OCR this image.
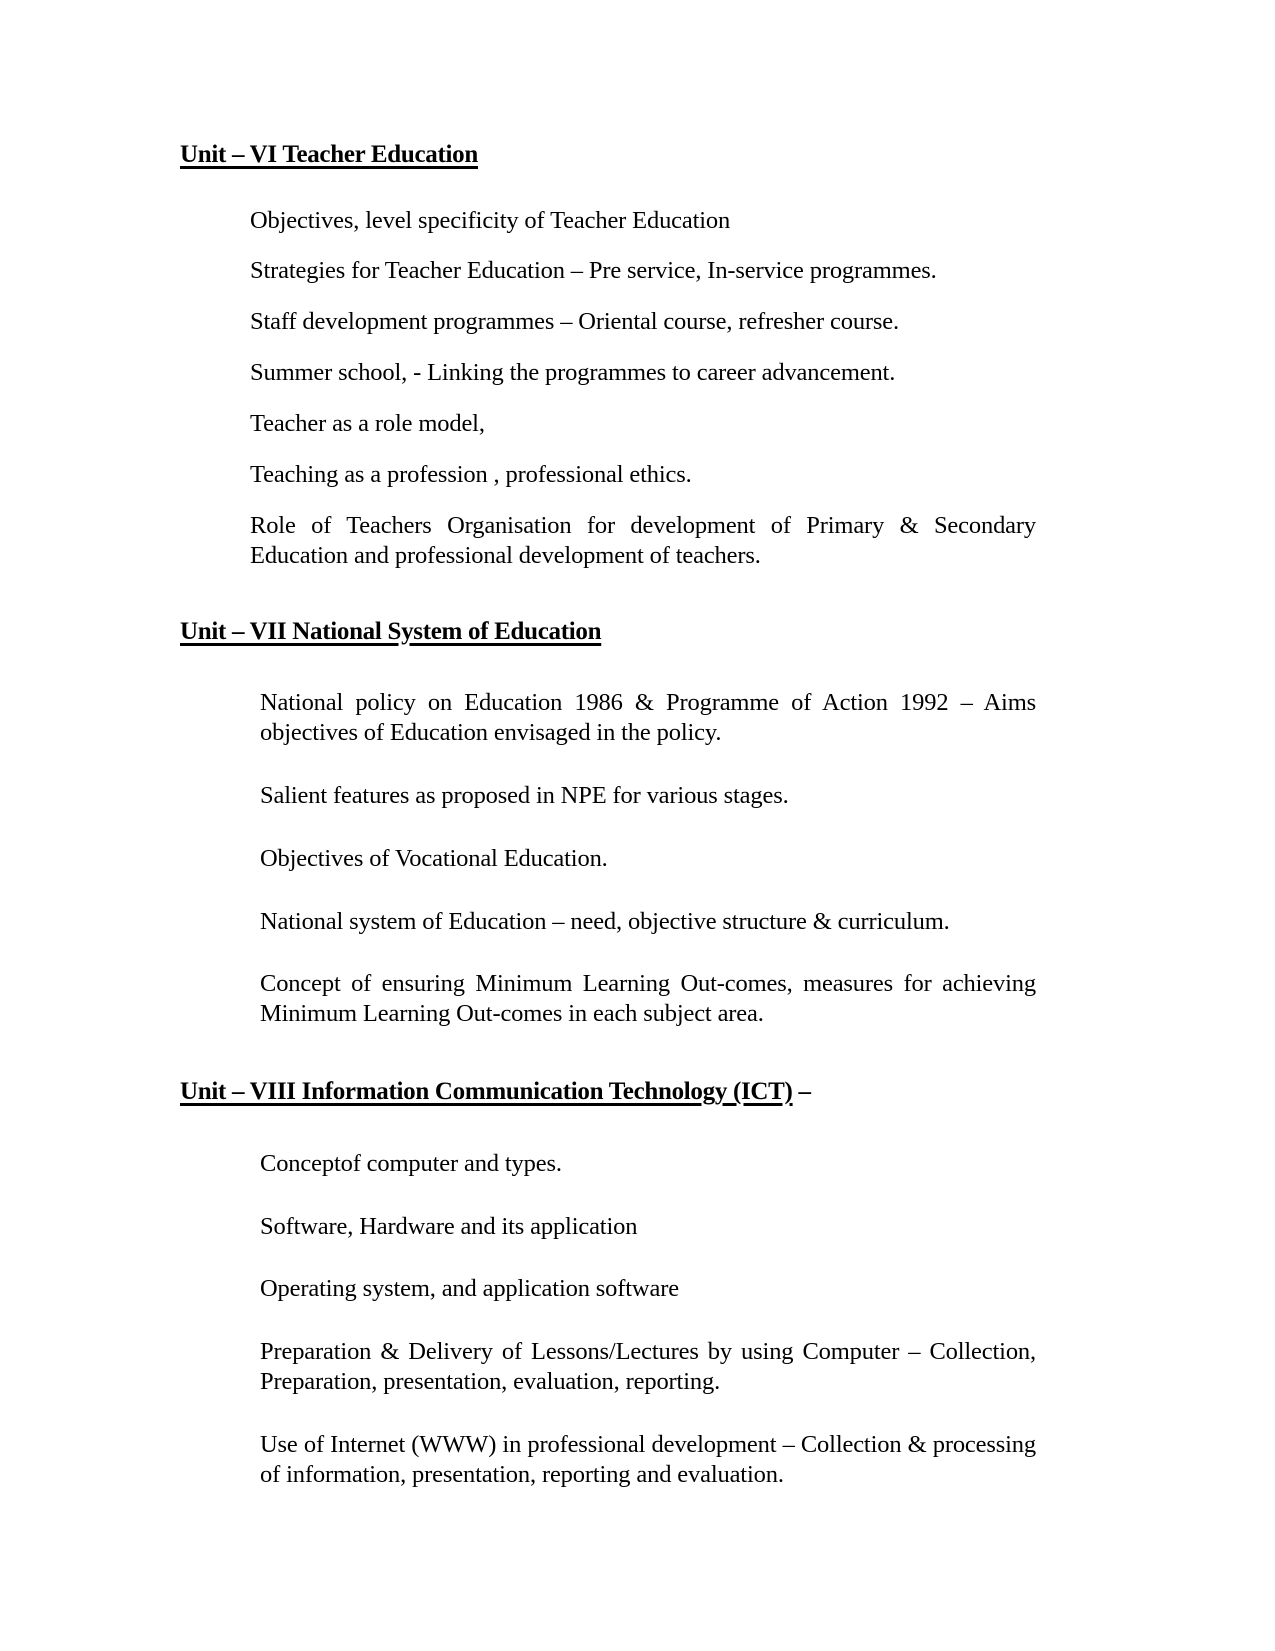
Unit – VI Teacher Education

Objectives, level specificity of Teacher Education

Strategies for Teacher Education – Pre service, In-service programmes.

Staff development programmes – Oriental course, refresher course.

Summer school, - Linking the programmes to career advancement.

Teacher as a role model,

Teaching as a profession , professional ethics.

Role of Teachers Organisation for development of Primary & Secondary Education and professional development of teachers.

Unit – VII National System of Education

National policy on Education 1986 & Programme of Action 1992 – Aims objectives of Education envisaged in the policy.

Salient features as proposed in NPE for various stages.

Objectives of Vocational Education.

National system of Education – need, objective structure & curriculum.

Concept of ensuring Minimum Learning Out-comes, measures for achieving Minimum Learning Out-comes in each subject area.

Unit – VIII Information Communication Technology (ICT) –

Conceptof computer and types.

Software, Hardware and its application

Operating system, and application software

Preparation & Delivery of Lessons/Lectures by using Computer – Collection, Preparation, presentation, evaluation, reporting.

Use of Internet (WWW) in professional development – Collection & processing of information, presentation, reporting and evaluation.
